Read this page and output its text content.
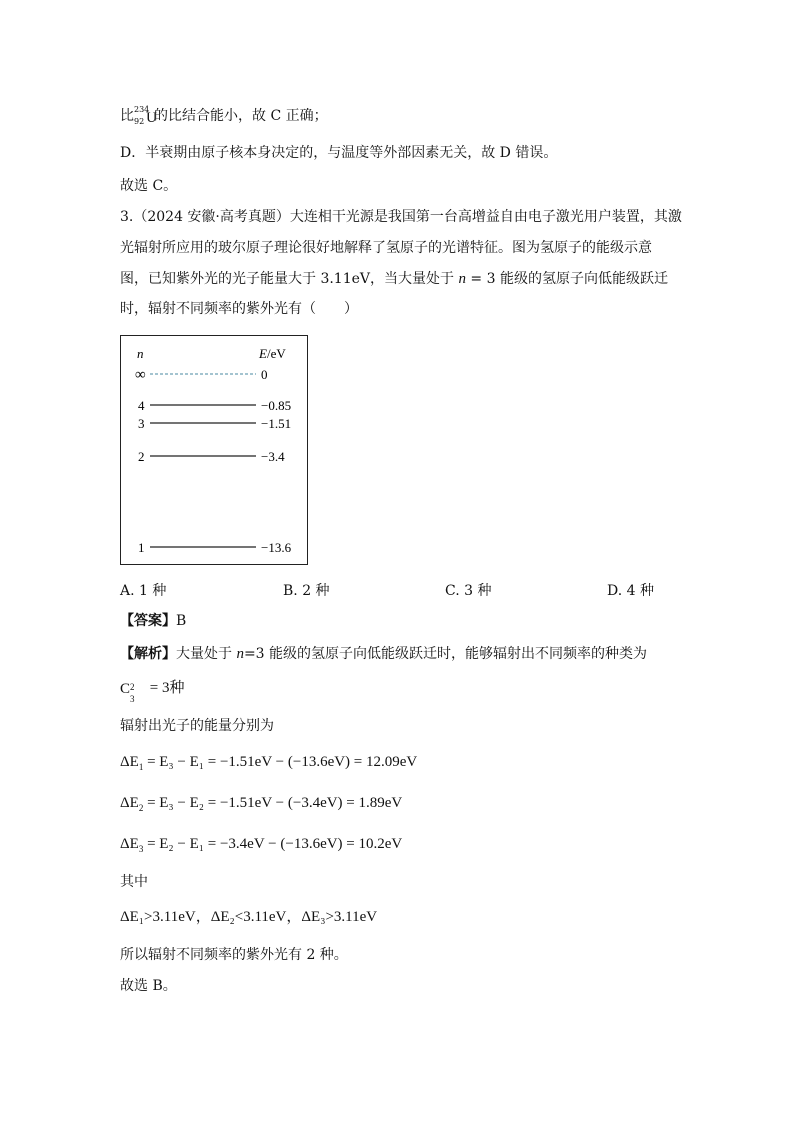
比 234
92 U
的比结合能小，故 C 正确；
D．半衰期由原子核本身决定的，与温度等外部因素无关，故 D 错误。
故选 C。
3.（2024 安徽·高考真题）大连相干光源是我国第一台高增益自由电子激光用户装置，其激
光辐射所应用的玻尔原子理论很好地解释了氢原子的光谱特征。图为氢原子的能级示意
图，已知紫外光的光子能量大于 3.11eV，当大量处于 n = 3 能级的氢原子向低能级跃迁
时，辐射不同频率的紫外光有（　　）
n	E/eV
∞	0
4	−0.85
3	−1.51
2	−3.4
1	−13.6
A. 1 种	B. 2 种	C. 3 种	D. 4 种
【答案】B
【解析】大量处于 n=3 能级的氢原子向低能级跃迁时，能够辐射出不同频率的种类为
C 2
3
= 3种
辐射出光子的能量分别为
$\Delta E_1 = E_3 - E_1 = -1.51eV - (-13.6eV) = 12.09eV$
$\Delta E_2 = E_3 - E_2 = -1.51eV - (-3.4eV) = 1.89eV$
$\Delta E_3 = E_2 - E_1 = -3.4eV - (-13.6eV) = 10.2eV$
其中
ΔE₁>3.11eV，ΔE₂<3.11eV，ΔE₃>3.11eV
所以辐射不同频率的紫外光有 2 种。
故选 B。
